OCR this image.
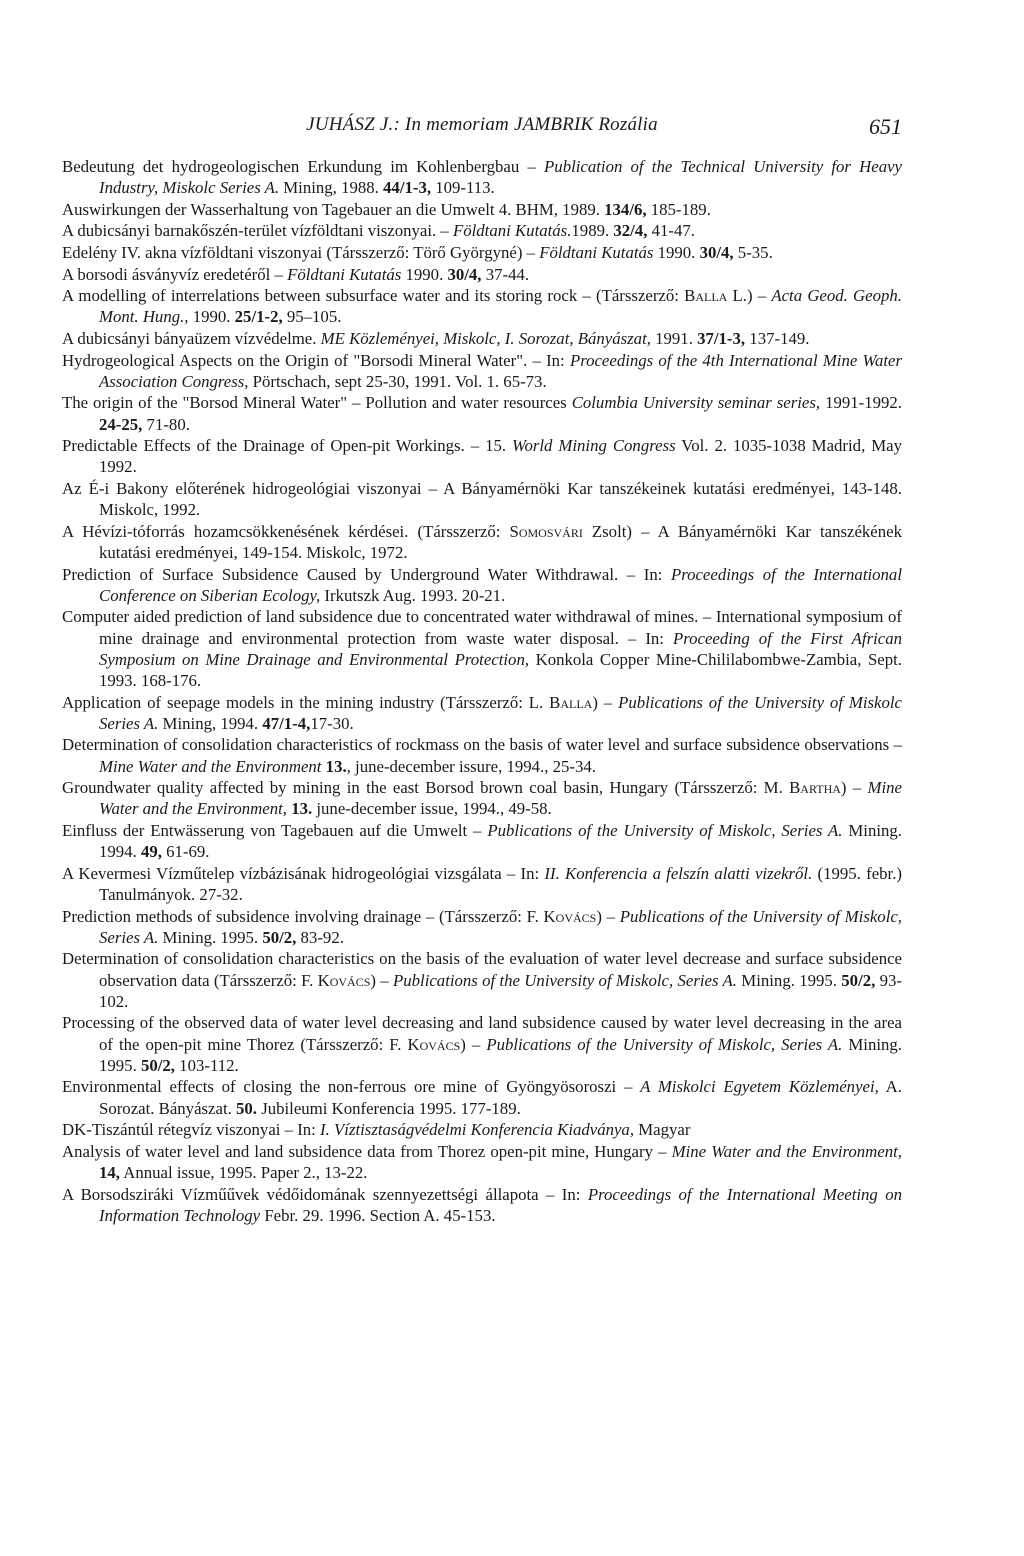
JUHÁSZ J.: In memoriam JAMBRIK Rozália	651

Bedeutung det hydrogeologischen Erkundung im Kohlenbergbau – Publication of the Technical University for Heavy Industry, Miskolc Series A. Mining, 1988. 44/1-3, 109-113.

Auswirkungen der Wasserhaltung von Tagebauer an die Umwelt 4. BHM, 1989. 134/6, 185-189.

A dubicsányi barnakőszén-terület vízföldtani viszonyai. – Földtani Kutatás.1989. 32/4, 41-47.

Edelény IV. akna vízföldtani viszonyai (Társszerző: Törő Györgyné) – Földtani Kutatás 1990. 30/4, 5-35.

A borsodi ásványvíz eredetéről – Földtani Kutatás 1990. 30/4, 37-44.

A modelling of interrelations between subsurface water and its storing rock – (Társszerző: Balla L.) – Acta Geod. Geoph. Mont. Hung., 1990. 25/1-2, 95–105.

A dubicsányi bányaüzem vízvédelme. ME Közleményei, Miskolc, I. Sorozat, Bányászat, 1991. 37/1-3, 137-149.

Hydrogeological Aspects on the Origin of "Borsodi Mineral Water". – In: Proceedings of the 4th International Mine Water Association Congress, Pörtschach, sept 25-30, 1991. Vol. 1. 65-73.

The origin of the "Borsod Mineral Water" – Pollution and water resources Columbia University seminar series, 1991-1992. 24-25, 71-80.

Predictable Effects of the Drainage of Open-pit Workings. – 15. World Mining Congress Vol. 2. 1035-1038 Madrid, May 1992.

Az É-i Bakony előterének hidrogeológiai viszonyai – A Bányamérnöki Kar tanszékeinek kutatási eredményei, 143-148. Miskolc, 1992.

A Hévízi-tóforrás hozamcsökkenésének kérdései. (Társszerző: Somosvári Zsolt) – A Bányamérnöki Kar tanszékének kutatási eredményei, 149-154. Miskolc, 1972.

Prediction of Surface Subsidence Caused by Underground Water Withdrawal. – In: Proceedings of the International Conference on Siberian Ecology, Irkutszk Aug. 1993. 20-21.

Computer aided prediction of land subsidence due to concentrated water withdrawal of mines. – International symposium of mine drainage and environmental protection from waste water disposal. – In: Proceeding of the First African Symposium on Mine Drainage and Environmental Protection, Konkola Copper Mine-Chililabombwe-Zambia, Sept. 1993. 168-176.

Application of seepage models in the mining industry (Társszerző: L. Balla) – Publications of the University of Miskolc Series A. Mining, 1994. 47/1-4,17-30.

Determination of consolidation characteristics of rockmass on the basis of water level and surface subsidence observations – Mine Water and the Environment 13., june-december issure, 1994., 25-34.

Groundwater quality affected by mining in the east Borsod brown coal basin, Hungary (Társszerző: M. Bartha) – Mine Water and the Environment, 13. june-december issue, 1994., 49-58.

Einfluss der Entwässerung von Tagebauen auf die Umwelt – Publications of the University of Miskolc, Series A. Mining. 1994. 49, 61-69.

A Kevermesi Vízműtelep vízbázisának hidrogeológiai vizsgálata – In: II. Konferencia a felszín alatti vizekről. (1995. febr.) Tanulmányok. 27-32.

Prediction methods of subsidence involving drainage – (Társszerző: F. Kovács) – Publications of the University of Miskolc, Series A. Mining. 1995. 50/2, 83-92.

Determination of consolidation characteristics on the basis of the evaluation of water level decrease and surface subsidence observation data (Társszerző: F. Kovács) – Publications of the University of Miskolc, Series A. Mining. 1995. 50/2, 93-102.

Processing of the observed data of water level decreasing and land subsidence caused by water level decreasing in the area of the open-pit mine Thorez (Társszerző: F. Kovács) – Publications of the University of Miskolc, Series A. Mining. 1995. 50/2, 103-112.

Environmental effects of closing the non-ferrous ore mine of Gyöngyösoroszi – A Miskolci Egyetem Közleményei, A. Sorozat. Bányászat. 50. Jubileumi Konferencia 1995. 177-189.

DK-Tiszántúl rétegvíz viszonyai – In: I. Víztisztaságvédelmi Konferencia Kiadványa, Magyar

Analysis of water level and land subsidence data from Thorez open-pit mine, Hungary – Mine Water and the Environment, 14, Annual issue, 1995. Paper 2., 13-22.

A Borsodsziráki Vízműűvek védőidomának szennyezettségi állapota – In: Proceedings of the International Meeting on Information Technology Febr. 29. 1996. Section A. 45-153.
